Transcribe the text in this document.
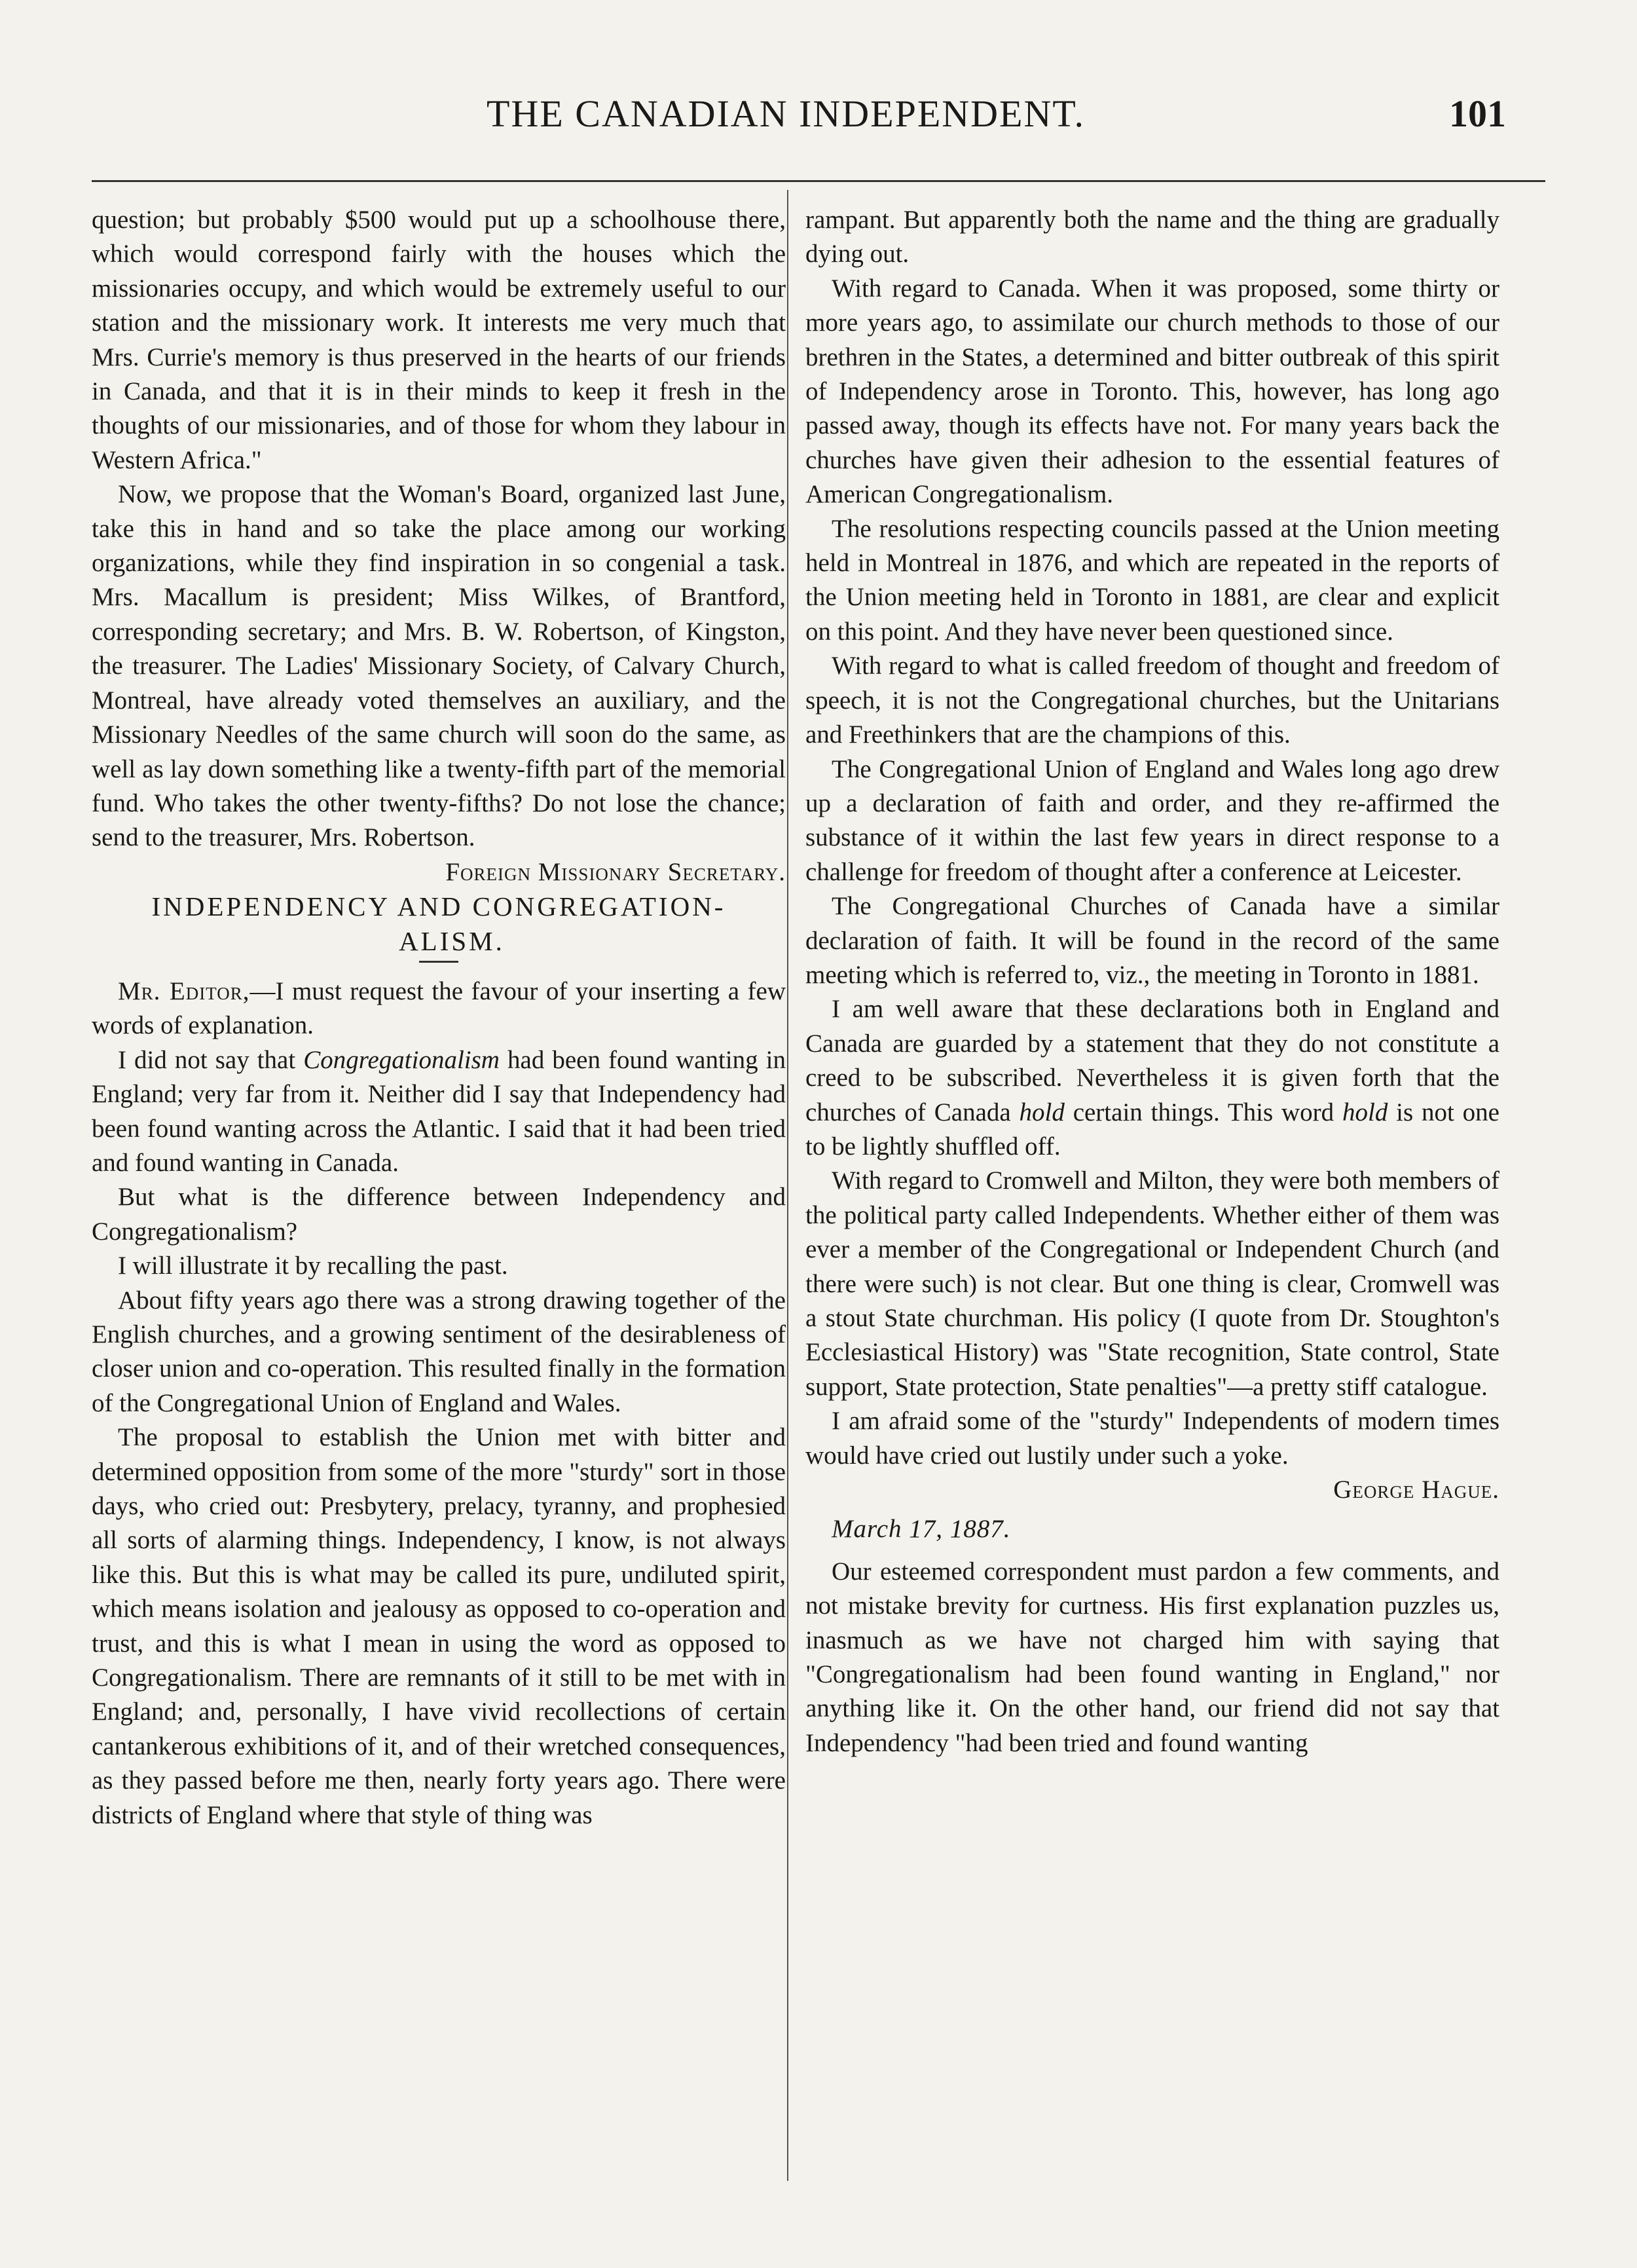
THE CANADIAN INDEPENDENT.	101

question; but probably $500 would put up a schoolhouse there, which would correspond fairly with the houses which the missionaries occupy, and which would be extremely useful to our station and the missionary work. It interests me very much that Mrs. Currie's memory is thus preserved in the hearts of our friends in Canada, and that it is in their minds to keep it fresh in the thoughts of our missionaries, and of those for whom they labour in Western Africa."

Now, we propose that the Woman's Board, organized last June, take this in hand and so take the place among our working organizations, while they find inspiration in so congenial a task. Mrs. Macallum is president; Miss Wilkes, of Brantford, corresponding secretary; and Mrs. B. W. Robertson, of Kingston, the treasurer. The Ladies' Missionary Society, of Calvary Church, Montreal, have already voted themselves an auxiliary, and the Missionary Needles of the same church will soon do the same, as well as lay down something like a twenty-fifth part of the memorial fund. Who takes the other twenty-fifths? Do not lose the chance; send to the treasurer, Mrs. Robertson.

Foreign Missionary Secretary.

INDEPENDENCY AND CONGREGATION-

ALISM.

Mr. Editor,—I must request the favour of your inserting a few words of explanation.

I did not say that Congregationalism had been found wanting in England; very far from it. Neither did I say that Independency had been found wanting across the Atlantic. I said that it had been tried and found wanting in Canada.

But what is the difference between Independency and Congregationalism?

I will illustrate it by recalling the past.

About fifty years ago there was a strong drawing together of the English churches, and a growing sentiment of the desirableness of closer union and co-operation. This resulted finally in the formation of the Congregational Union of England and Wales.

The proposal to establish the Union met with bitter and determined opposition from some of the more "sturdy" sort in those days, who cried out: Presbytery, prelacy, tyranny, and prophesied all sorts of alarming things. Independency, I know, is not always like this. But this is what may be called its pure, undiluted spirit, which means isolation and jealousy as opposed to co-operation and trust, and this is what I mean in using the word as opposed to Congregationalism. There are remnants of it still to be met with in England; and, personally, I have vivid recollections of certain cantankerous exhibitions of it, and of their wretched consequences, as they passed before me then, nearly forty years ago. There were districts of England where that style of thing was

rampant. But apparently both the name and the thing are gradually dying out.

With regard to Canada. When it was proposed, some thirty or more years ago, to assimilate our church methods to those of our brethren in the States, a determined and bitter outbreak of this spirit of Independency arose in Toronto. This, however, has long ago passed away, though its effects have not. For many years back the churches have given their adhesion to the essential features of American Congregationalism.

The resolutions respecting councils passed at the Union meeting held in Montreal in 1876, and which are repeated in the reports of the Union meeting held in Toronto in 1881, are clear and explicit on this point. And they have never been questioned since.

With regard to what is called freedom of thought and freedom of speech, it is not the Congregational churches, but the Unitarians and Freethinkers that are the champions of this.

The Congregational Union of England and Wales long ago drew up a declaration of faith and order, and they re-affirmed the substance of it within the last few years in direct response to a challenge for freedom of thought after a conference at Leicester.

The Congregational Churches of Canada have a similar declaration of faith. It will be found in the record of the same meeting which is referred to, viz., the meeting in Toronto in 1881.

I am well aware that these declarations both in England and Canada are guarded by a statement that they do not constitute a creed to be subscribed. Nevertheless it is given forth that the churches of Canada hold certain things. This word hold is not one to be lightly shuffled off.

With regard to Cromwell and Milton, they were both members of the political party called Independents. Whether either of them was ever a member of the Congregational or Independent Church (and there were such) is not clear. But one thing is clear, Cromwell was a stout State churchman. His policy (I quote from Dr. Stoughton's Ecclesiastical History) was "State recognition, State control, State support, State protection, State penalties"—a pretty stiff catalogue.

I am afraid some of the "sturdy" Independents of modern times would have cried out lustily under such a yoke.

George Hague.

March 17, 1887.

Our esteemed correspondent must pardon a few comments, and not mistake brevity for curtness. His first explanation puzzles us, inasmuch as we have not charged him with saying that "Congregationalism had been found wanting in England," nor anything like it. On the other hand, our friend did not say that Independency "had been tried and found wanting
